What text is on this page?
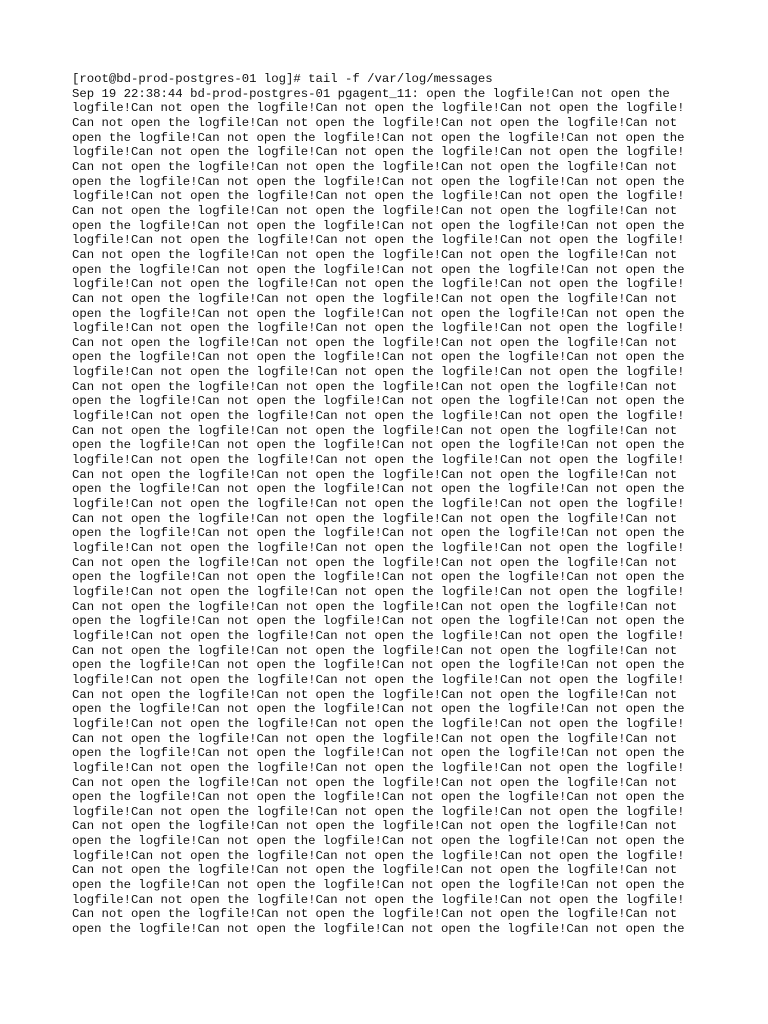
[root@bd-prod-postgres-01 log]# tail -f /var/log/messages

Sep 19 22:38:44 bd-prod-postgres-01 pgagent_11: open the logfile!Can not open the

logfile!Can not open the logfile!Can not open the logfile!Can not open the logfile!

Can not open the logfile!Can not open the logfile!Can not open the logfile!Can not

open the logfile!Can not open the logfile!Can not open the logfile!Can not open the

logfile!Can not open the logfile!Can not open the logfile!Can not open the logfile!

Can not open the logfile!Can not open the logfile!Can not open the logfile!Can not

open the logfile!Can not open the logfile!Can not open the logfile!Can not open the

logfile!Can not open the logfile!Can not open the logfile!Can not open the logfile!

Can not open the logfile!Can not open the logfile!Can not open the logfile!Can not

open the logfile!Can not open the logfile!Can not open the logfile!Can not open the

logfile!Can not open the logfile!Can not open the logfile!Can not open the logfile!

Can not open the logfile!Can not open the logfile!Can not open the logfile!Can not

open the logfile!Can not open the logfile!Can not open the logfile!Can not open the

logfile!Can not open the logfile!Can not open the logfile!Can not open the logfile!

Can not open the logfile!Can not open the logfile!Can not open the logfile!Can not

open the logfile!Can not open the logfile!Can not open the logfile!Can not open the

logfile!Can not open the logfile!Can not open the logfile!Can not open the logfile!

Can not open the logfile!Can not open the logfile!Can not open the logfile!Can not

open the logfile!Can not open the logfile!Can not open the logfile!Can not open the

logfile!Can not open the logfile!Can not open the logfile!Can not open the logfile!

Can not open the logfile!Can not open the logfile!Can not open the logfile!Can not

open the logfile!Can not open the logfile!Can not open the logfile!Can not open the

logfile!Can not open the logfile!Can not open the logfile!Can not open the logfile!

Can not open the logfile!Can not open the logfile!Can not open the logfile!Can not

open the logfile!Can not open the logfile!Can not open the logfile!Can not open the

logfile!Can not open the logfile!Can not open the logfile!Can not open the logfile!

Can not open the logfile!Can not open the logfile!Can not open the logfile!Can not

open the logfile!Can not open the logfile!Can not open the logfile!Can not open the

logfile!Can not open the logfile!Can not open the logfile!Can not open the logfile!

Can not open the logfile!Can not open the logfile!Can not open the logfile!Can not

open the logfile!Can not open the logfile!Can not open the logfile!Can not open the

logfile!Can not open the logfile!Can not open the logfile!Can not open the logfile!

Can not open the logfile!Can not open the logfile!Can not open the logfile!Can not

open the logfile!Can not open the logfile!Can not open the logfile!Can not open the

logfile!Can not open the logfile!Can not open the logfile!Can not open the logfile!

Can not open the logfile!Can not open the logfile!Can not open the logfile!Can not

open the logfile!Can not open the logfile!Can not open the logfile!Can not open the

logfile!Can not open the logfile!Can not open the logfile!Can not open the logfile!

Can not open the logfile!Can not open the logfile!Can not open the logfile!Can not

open the logfile!Can not open the logfile!Can not open the logfile!Can not open the

logfile!Can not open the logfile!Can not open the logfile!Can not open the logfile!

Can not open the logfile!Can not open the logfile!Can not open the logfile!Can not

open the logfile!Can not open the logfile!Can not open the logfile!Can not open the

logfile!Can not open the logfile!Can not open the logfile!Can not open the logfile!

Can not open the logfile!Can not open the logfile!Can not open the logfile!Can not

open the logfile!Can not open the logfile!Can not open the logfile!Can not open the

logfile!Can not open the logfile!Can not open the logfile!Can not open the logfile!

Can not open the logfile!Can not open the logfile!Can not open the logfile!Can not

open the logfile!Can not open the logfile!Can not open the logfile!Can not open the

logfile!Can not open the logfile!Can not open the logfile!Can not open the logfile!

Can not open the logfile!Can not open the logfile!Can not open the logfile!Can not

open the logfile!Can not open the logfile!Can not open the logfile!Can not open the

logfile!Can not open the logfile!Can not open the logfile!Can not open the logfile!

Can not open the logfile!Can not open the logfile!Can not open the logfile!Can not

open the logfile!Can not open the logfile!Can not open the logfile!Can not open the

logfile!Can not open the logfile!Can not open the logfile!Can not open the logfile!

Can not open the logfile!Can not open the logfile!Can not open the logfile!Can not

open the logfile!Can not open the logfile!Can not open the logfile!Can not open the
